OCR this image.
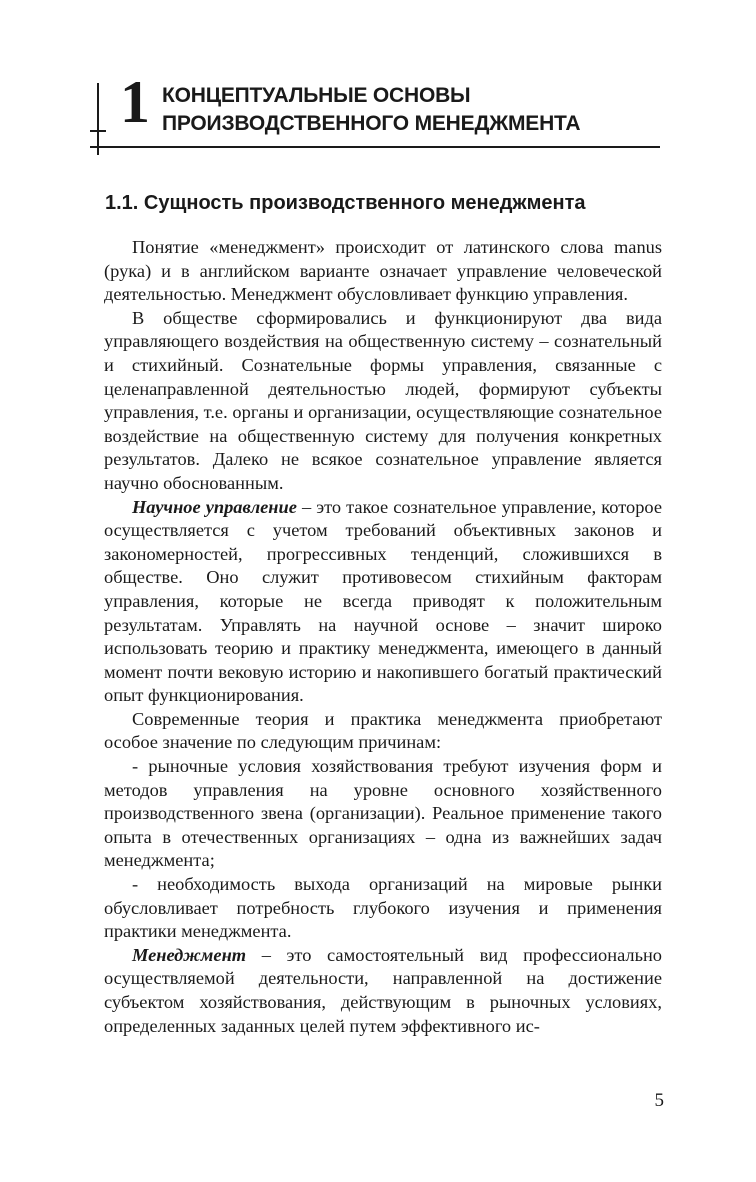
1 КОНЦЕПТУАЛЬНЫЕ ОСНОВЫ
ПРОИЗВОДСТВЕННОГО МЕНЕДЖМЕНТА
1.1. Сущность производственного менеджмента

Понятие «менеджмент» происходит от латинского слова manus (рука) и в английском варианте означает управление человеческой деятельностью. Менеджмент обусловливает функцию управления.

В обществе сформировались и функционируют два вида управляющего воздействия на общественную систему – сознательный и стихийный. Сознательные формы управления, связанные с целенаправленной деятельностью людей, формируют субъекты управления, т.е. органы и организации, осуществляющие сознательное воздействие на общественную систему для получения конкретных результатов. Далеко не всякое сознательное управление является научно обоснованным.

Научное управление – это такое сознательное управление, которое осуществляется с учетом требований объективных законов и закономерностей, прогрессивных тенденций, сложившихся в обществе. Оно служит противовесом стихийным факторам управления, которые не всегда приводят к положительным результатам. Управлять на научной основе – значит широко использовать теорию и практику менеджмента, имеющего в данный момент почти вековую историю и накопившего богатый практический опыт функционирования.

Современные теория и практика менеджмента приобретают особое значение по следующим причинам:

- рыночные условия хозяйствования требуют изучения форм и методов управления на уровне основного хозяйственного производственного звена (организации). Реальное применение такого опыта в отечественных организациях – одна из важнейших задач менеджмента;

- необходимость выхода организаций на мировые рынки обусловливает потребность глубокого изучения и применения практики менеджмента.

Менеджмент – это самостоятельный вид профессионально осуществляемой деятельности, направленной на достижение субъектом хозяйствования, действующим в рыночных условиях, определенных заданных целей путем эффективного ис-

5
